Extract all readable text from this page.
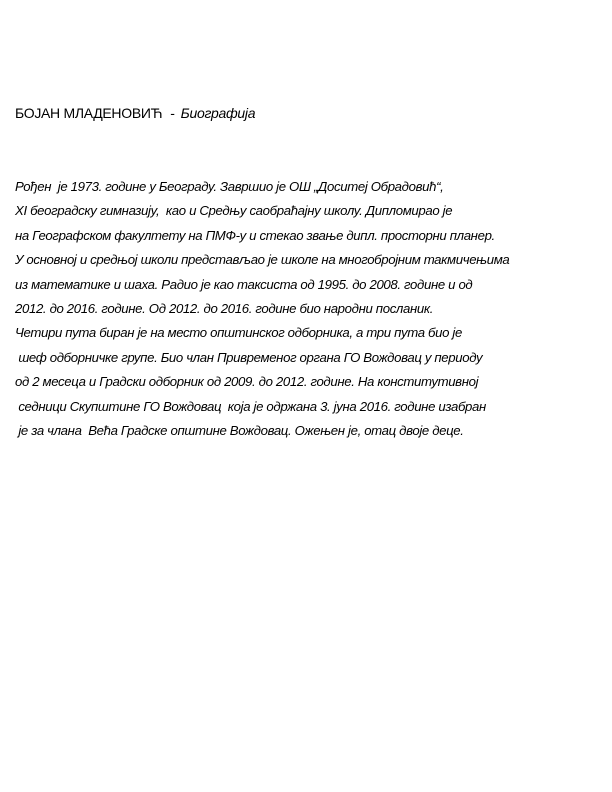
БОЈАН МЛАДЕНОВИЋ - Биографија
Рођен  је 1973. године у Београду. Завршио је ОШ „Доситеј Обрадовић“,
XI београдску гимназију,  као и Средњу саобраћајну школу. Дипломирао је
на Географском факултету на ПМФ-у и стекао звање дипл. просторни планер.
У основној и средњој школи представљао је школе на многобројним такмичењима
из математике и шаха. Радио је као таксиста од 1995. до 2008. године и од
2012. до 2016. године. Од 2012. до 2016. године био народни посланик.
Четири пута биран је на место општинског одборника, а три пута био је
шеф одборничке групе. Био члан Привременог органа ГО Вождовац у периоду
од 2 месеца и Градски одборник од 2009. до 2012. године. На конститутивној
седници Скупштине ГО Вождовац  која је одржана 3. јуна 2016. године изабран
је за члана  Већа Градске општине Вождовац. Ожењен је, отац двоје деце.
